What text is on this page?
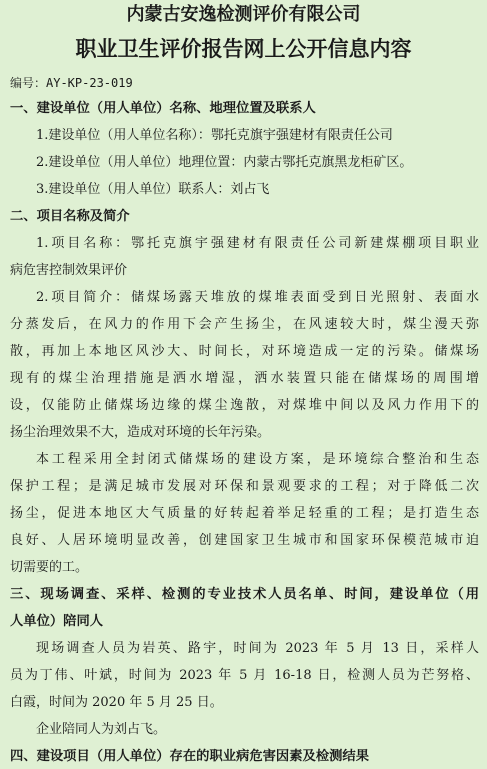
内蒙古安逸检测评价有限公司
职业卫生评价报告网上公开信息内容
编号：AY-KP-23-019
一、建设单位（用人单位）名称、地理位置及联系人
1.建设单位（用人单位名称）：鄂托克旗宇强建材有限责任公司
2.建设单位（用人单位）地理位置：内蒙古鄂托克旗黑龙柜矿区。
3.建设单位（用人单位）联系人：刘占飞
二、项目名称及简介
1.项目名称：鄂托克旗宇强建材有限责任公司新建煤棚项目职业
病危害控制效果评价
2.项目简介：储煤场露天堆放的煤堆表面受到日光照射、表面水
分蒸发后，在风力的作用下会产生扬尘，在风速较大时，煤尘漫天弥
散，再加上本地区风沙大、时间长，对环境造成一定的污染。储煤场
现有的煤尘治理措施是洒水增湿，洒水装置只能在储煤场的周围增
设，仅能防止储煤场边缘的煤尘逸散，对煤堆中间以及风力作用下的
扬尘治理效果不大，造成对环境的长年污染。
本工程采用全封闭式储煤场的建设方案，是环境综合整治和生态
保护工程；是满足城市发展对环保和景观要求的工程；对于降低二次
扬尘，促进本地区大气质量的好转起着举足轻重的工程；是打造生态
良好、人居环境明显改善，创建国家卫生城市和国家环保模范城市迫
切需要的工。
三、现场调查、采样、检测的专业技术人员名单、时间，建设单位（用
人单位）陪同人
现场调查人员为岩英、路宇，时间为 2023 年 5 月 13 日，采样人
员为丁伟、叶斌，时间为 2023 年 5 月 16-18 日，检测人员为芒努格、
白霞，时间为 2020 年 5 月 25 日。
企业陪同人为刘占飞。
四、建设项目（用人单位）存在的职业病危害因素及检测结果
